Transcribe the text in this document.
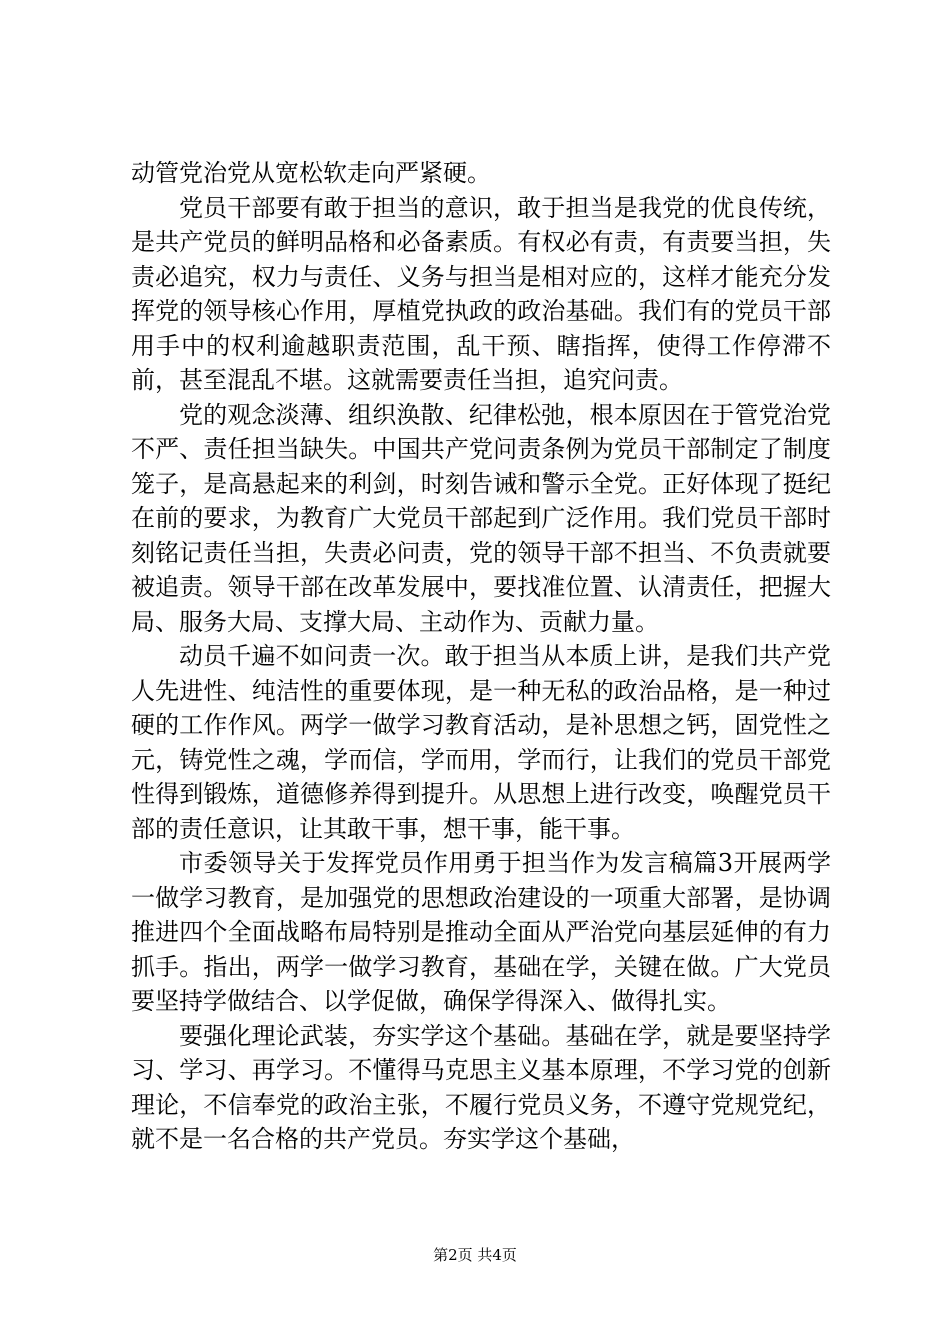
动管党治党从宽松软走向严紧硬。

党员干部要有敢于担当的意识，敢于担当是我党的优良传统，是共产党员的鲜明品格和必备素质。有权必有责，有责要当担，失责必追究，权力与责任、义务与担当是相对应的，这样才能充分发挥党的领导核心作用，厚植党执政的政治基础。我们有的党员干部用手中的权利逾越职责范围，乱干预、瞎指挥，使得工作停滞不前，甚至混乱不堪。这就需要责任当担，追究问责。

党的观念淡薄、组织涣散、纪律松弛，根本原因在于管党治党不严、责任担当缺失。中国共产党问责条例为党员干部制定了制度笼子，是高悬起来的利剑，时刻告诫和警示全党。正好体现了挺纪在前的要求，为教育广大党员干部起到广泛作用。我们党员干部时刻铭记责任当担，失责必问责，党的领导干部不担当、不负责就要被追责。领导干部在改革发展中，要找准位置、认清责任，把握大局、服务大局、支撑大局、主动作为、贡献力量。

动员千遍不如问责一次。敢于担当从本质上讲，是我们共产党人先进性、纯洁性的重要体现，是一种无私的政治品格，是一种过硬的工作作风。两学一做学习教育活动，是补思想之钙，固党性之元，铸党性之魂，学而信，学而用，学而行，让我们的党员干部党性得到锻炼，道德修养得到提升。从思想上进行改变，唤醒党员干部的责任意识，让其敢干事，想干事，能干事。

市委领导关于发挥党员作用勇于担当作为发言稿篇3开展两学一做学习教育，是加强党的思想政治建设的一项重大部署，是协调推进四个全面战略布局特别是推动全面从严治党向基层延伸的有力抓手。指出，两学一做学习教育，基础在学，关键在做。广大党员要坚持学做结合、以学促做，确保学得深入、做得扎实。

要强化理论武装，夯实学这个基础。基础在学，就是要坚持学习、学习、再学习。不懂得马克思主义基本原理，不学习党的创新理论，不信奉党的政治主张，不履行党员义务，不遵守党规党纪，就不是一名合格的共产党员。夯实学这个基础，

第2页 共4页
